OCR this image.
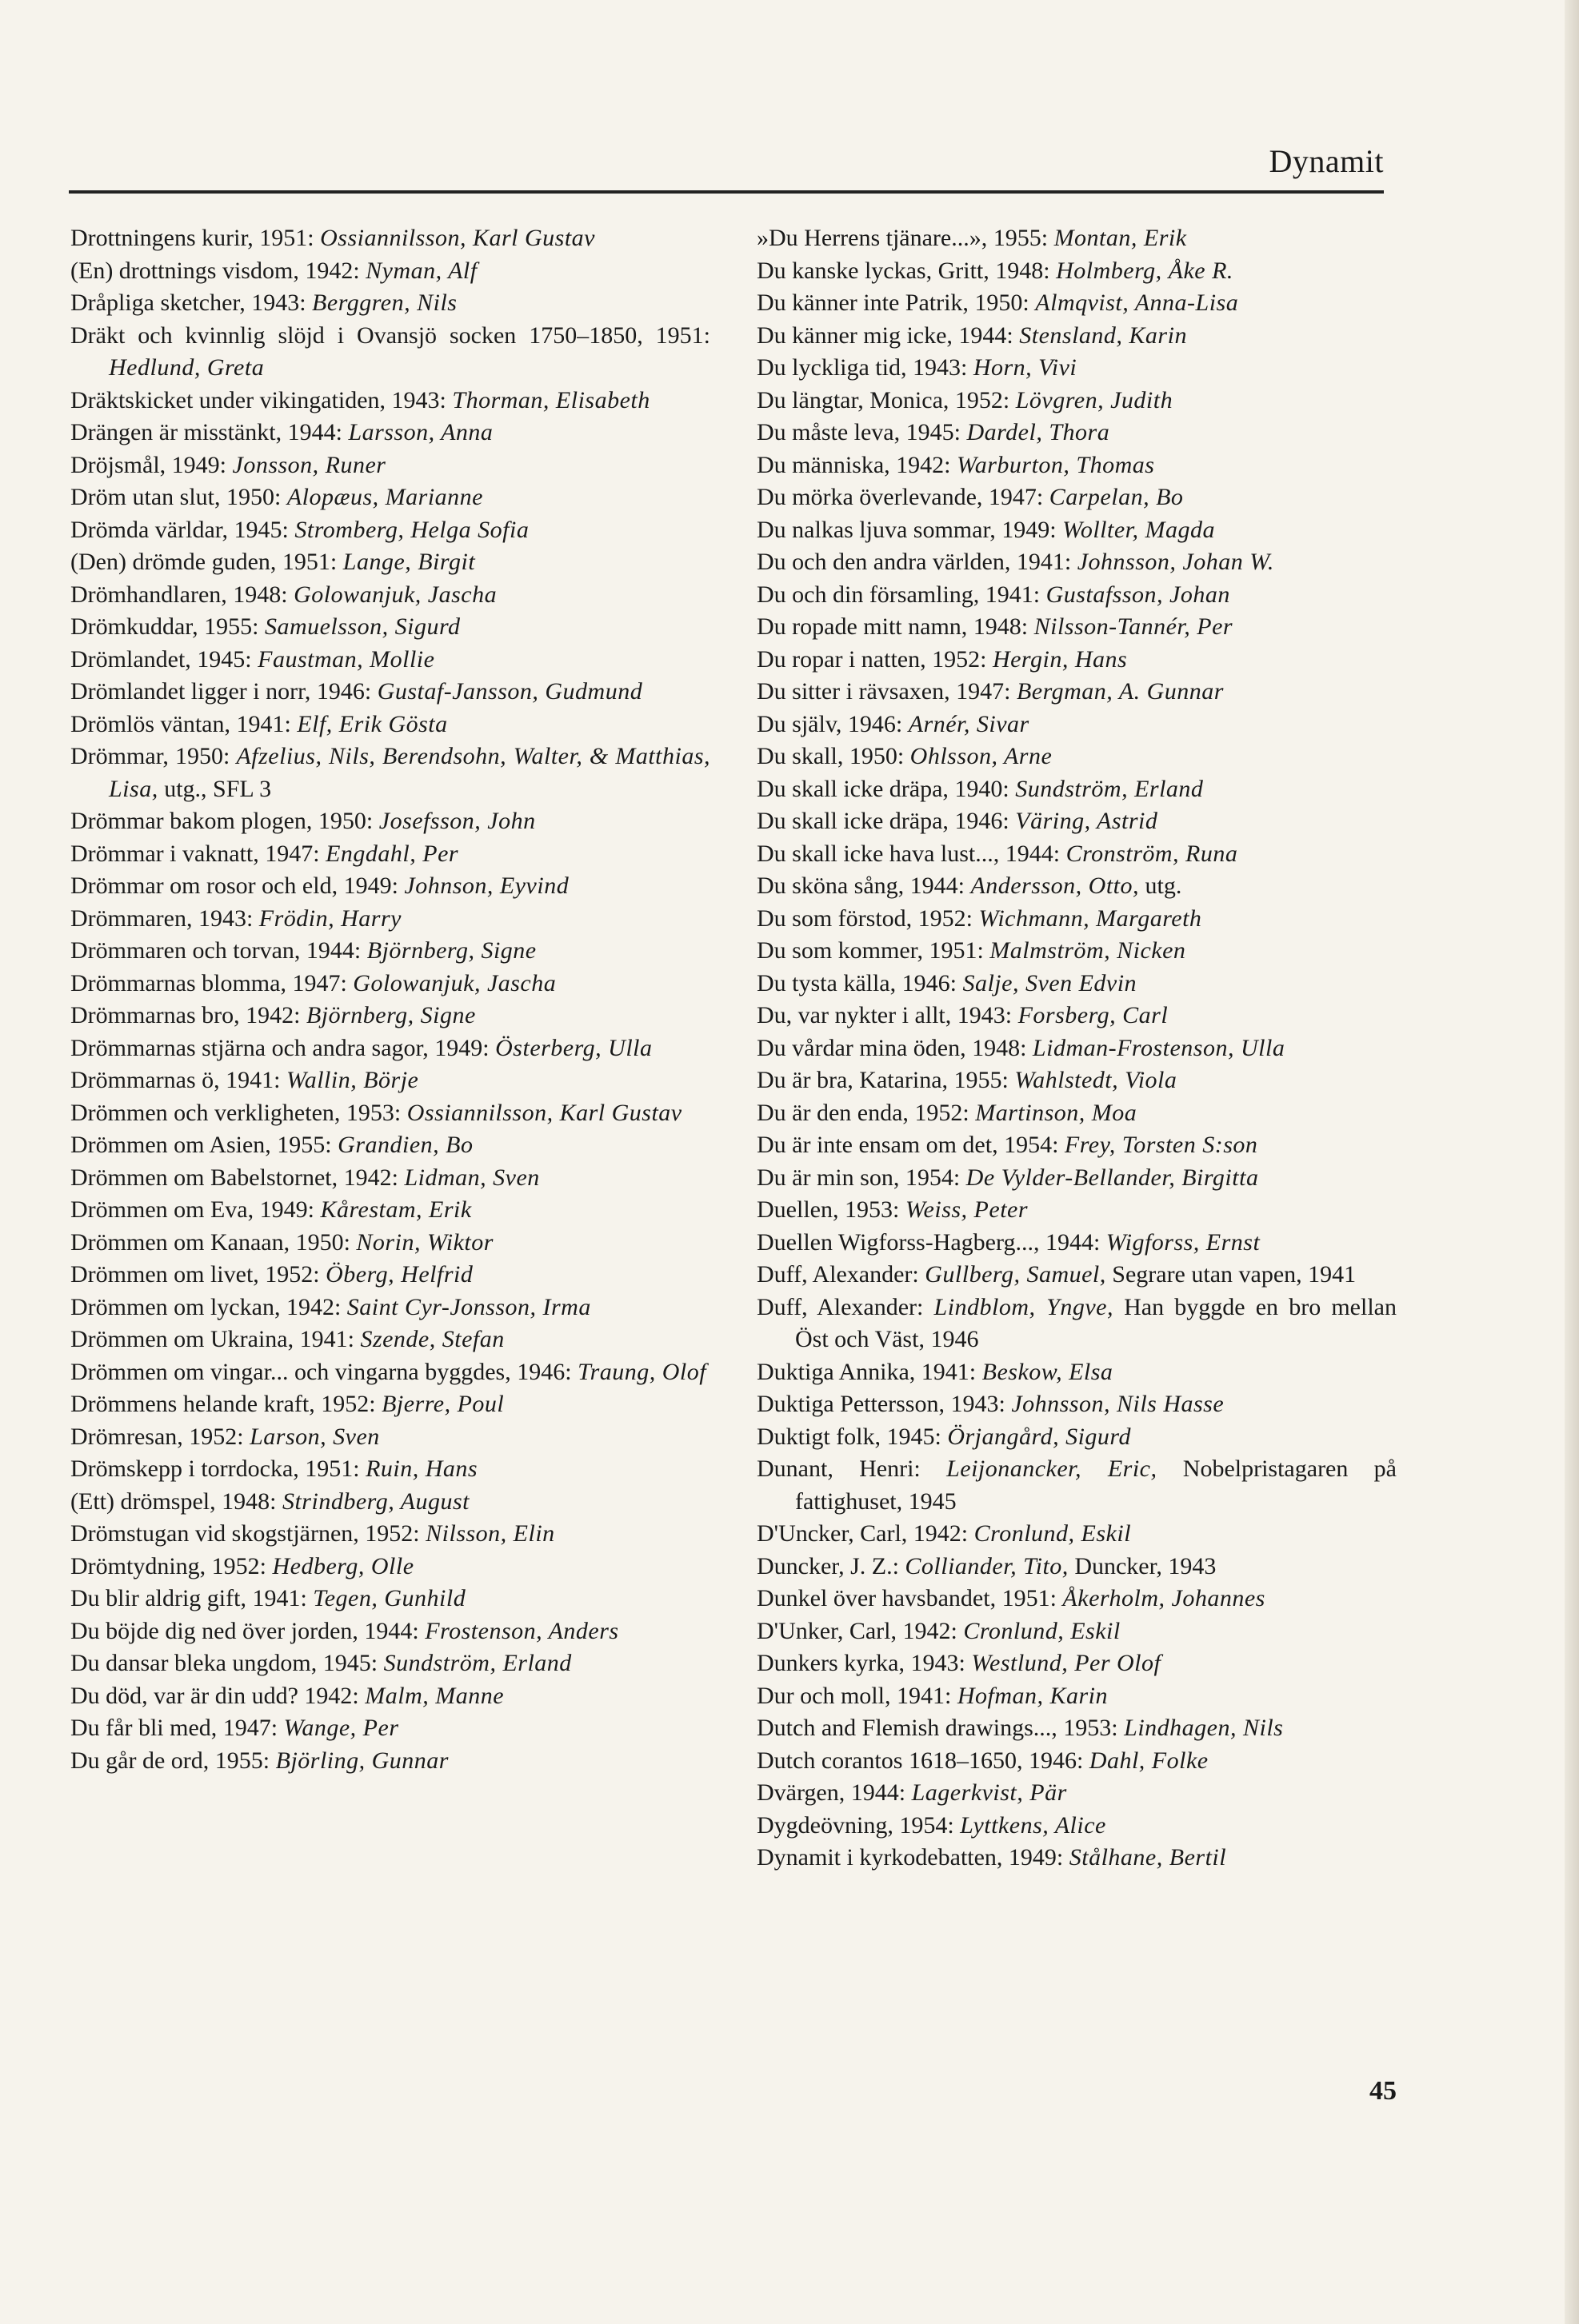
Dynamit
Drottningens kurir, 1951: Ossiannilsson, Karl Gustav
(En) drottnings visdom, 1942: Nyman, Alf
Dråpliga sketcher, 1943: Berggren, Nils
Dräkt och kvinnlig slöjd i Ovansjö socken 1750–1850, 1951: Hedlund, Greta
Dräktskicket under vikingatiden, 1943: Thorman, Elisabeth
Drängen är misstänkt, 1944: Larsson, Anna
Dröjsmål, 1949: Jonsson, Runer
Dröm utan slut, 1950: Alopæus, Marianne
Drömda världar, 1945: Stromberg, Helga Sofia
(Den) drömde guden, 1951: Lange, Birgit
Drömhandlaren, 1948: Golowanjuk, Jascha
Drömkuddar, 1955: Samuelsson, Sigurd
Drömlandet, 1945: Faustman, Mollie
Drömlandet ligger i norr, 1946: Gustaf-Jansson, Gudmund
Drömlös väntan, 1941: Elf, Erik Gösta
Drömmar, 1950: Afzelius, Nils, Berendsohn, Walter, & Matthias, Lisa, utg., SFL 3
Drömmar bakom plogen, 1950: Josefsson, John
Drömmar i vaknatt, 1947: Engdahl, Per
Drömmar om rosor och eld, 1949: Johnson, Eyvind
Drömmaren, 1943: Frödin, Harry
Drömmaren och torvan, 1944: Björnberg, Signe
Drömmarnas blomma, 1947: Golowanjuk, Jascha
Drömmarnas bro, 1942: Björnberg, Signe
Drömmarnas stjärna och andra sagor, 1949: Österberg, Ulla
Drömmarnas ö, 1941: Wallin, Börje
Drömmen och verkligheten, 1953: Ossiannilsson, Karl Gustav
Drömmen om Asien, 1955: Grandien, Bo
Drömmen om Babelstornet, 1942: Lidman, Sven
Drömmen om Eva, 1949: Kårestam, Erik
Drömmen om Kanaan, 1950: Norin, Wiktor
Drömmen om livet, 1952: Öberg, Helfrid
Drömmen om lyckan, 1942: Saint Cyr-Jonsson, Irma
Drömmen om Ukraina, 1941: Szende, Stefan
Drömmen om vingar... och vingarna byggdes, 1946: Traung, Olof
Drömmens helande kraft, 1952: Bjerre, Poul
Drömresan, 1952: Larson, Sven
Drömskepp i torrdocka, 1951: Ruin, Hans
(Ett) drömspel, 1948: Strindberg, August
Drömstugan vid skogstjärnen, 1952: Nilsson, Elin
Drömtydning, 1952: Hedberg, Olle
Du blir aldrig gift, 1941: Tegen, Gunhild
Du böjde dig ned över jorden, 1944: Frostenson, Anders
Du dansar bleka ungdom, 1945: Sundström, Erland
Du död, var är din udd? 1942: Malm, Manne
Du får bli med, 1947: Wange, Per
Du går de ord, 1955: Björling, Gunnar
»Du Herrens tjänare...», 1955: Montan, Erik
Du kanske lyckas, Gritt, 1948: Holmberg, Åke R.
Du känner inte Patrik, 1950: Almqvist, Anna-Lisa
Du känner mig icke, 1944: Stensland, Karin
Du lyckliga tid, 1943: Horn, Vivi
Du längtar, Monica, 1952: Lövgren, Judith
Du måste leva, 1945: Dardel, Thora
Du människa, 1942: Warburton, Thomas
Du mörka överlevande, 1947: Carpelan, Bo
Du nalkas ljuva sommar, 1949: Wollter, Magda
Du och den andra världen, 1941: Johnsson, Johan W.
Du och din församling, 1941: Gustafsson, Johan
Du ropade mitt namn, 1948: Nilsson-Tannér, Per
Du ropar i natten, 1952: Hergin, Hans
Du sitter i rävsaxen, 1947: Bergman, A. Gunnar
Du själv, 1946: Arnér, Sivar
Du skall, 1950: Ohlsson, Arne
Du skall icke dräpa, 1940: Sundström, Erland
Du skall icke dräpa, 1946: Väring, Astrid
Du skall icke hava lust..., 1944: Cronström, Runa
Du sköna sång, 1944: Andersson, Otto, utg.
Du som förstod, 1952: Wichmann, Margareth
Du som kommer, 1951: Malmström, Nicken
Du tysta källa, 1946: Salje, Sven Edvin
Du, var nykter i allt, 1943: Forsberg, Carl
Du vårdar mina öden, 1948: Lidman-Frostenson, Ulla
Du är bra, Katarina, 1955: Wahlstedt, Viola
Du är den enda, 1952: Martinson, Moa
Du är inte ensam om det, 1954: Frey, Torsten S:son
Du är min son, 1954: De Vylder-Bellander, Birgitta
Duellen, 1953: Weiss, Peter
Duellen Wigforss-Hagberg..., 1944: Wigforss, Ernst
Duff, Alexander: Gullberg, Samuel, Segrare utan vapen, 1941
Duff, Alexander: Lindblom, Yngve, Han byggde en bro mellan Öst och Väst, 1946
Duktiga Annika, 1941: Beskow, Elsa
Duktiga Pettersson, 1943: Johnsson, Nils Hasse
Duktigt folk, 1945: Örjangård, Sigurd
Dunant, Henri: Leijonancker, Eric, Nobelpristagaren på fattighuset, 1945
D'Uncker, Carl, 1942: Cronlund, Eskil
Duncker, J. Z.: Colliander, Tito, Duncker, 1943
Dunkel över havsbandet, 1951: Åkerholm, Johannes
D'Unker, Carl, 1942: Cronlund, Eskil
Dunkers kyrka, 1943: Westlund, Per Olof
Dur och moll, 1941: Hofman, Karin
Dutch and Flemish drawings..., 1953: Lindhagen, Nils
Dutch corantos 1618–1650, 1946: Dahl, Folke
Dvärgen, 1944: Lagerkvist, Pär
Dygdeövning, 1954: Lyttkens, Alice
Dynamit i kyrkodebatten, 1949: Stålhane, Bertil
45
